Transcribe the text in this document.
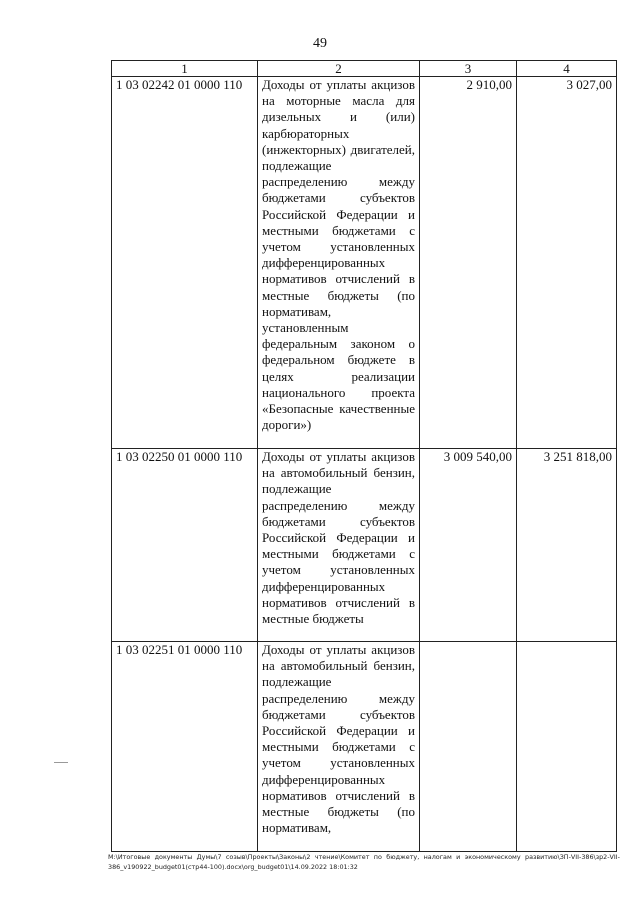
49
1	2	3	4
1 03 02242 01 0000 110	Доходы от уплаты акцизов на моторные масла для дизельных и (или) карбюраторных (инжекторных) двигателей, подлежащие распределению между бюджетами субъектов Российской Федерации и местными бюджетами с учетом установленных дифференцированных нормативов отчислений в местные бюджеты (по нормативам, установленным федеральным законом о федеральном бюджете в целях реализации национального проекта «Безопасные качественные дороги»)	2 910,00	3 027,00
1 03 02250 01 0000 110	Доходы от уплаты акцизов на автомобильный бензин, подлежащие распределению между бюджетами субъектов Российской Федерации и местными бюджетами с учетом установленных дифференцированных нормативов отчислений в местные бюджеты	3 009 540,00	3 251 818,00
1 03 02251 01 0000 110	Доходы от уплаты акцизов на автомобильный бензин, подлежащие распределению между бюджетами субъектов Российской Федерации и местными бюджетами с учетом установленных дифференцированных нормативов отчислений в местные бюджеты (по нормативам,		
M:\Итоговые документы Думы\7 созыв\Проекты\Законы\2 чтение\Комитет по бюджету, налогам и экономическому развитию\ЗП-VII-386\зр2-VII-386_v190922_budget01(стр44-100).docx\org_budget01\14.09.2022 18:01:32
